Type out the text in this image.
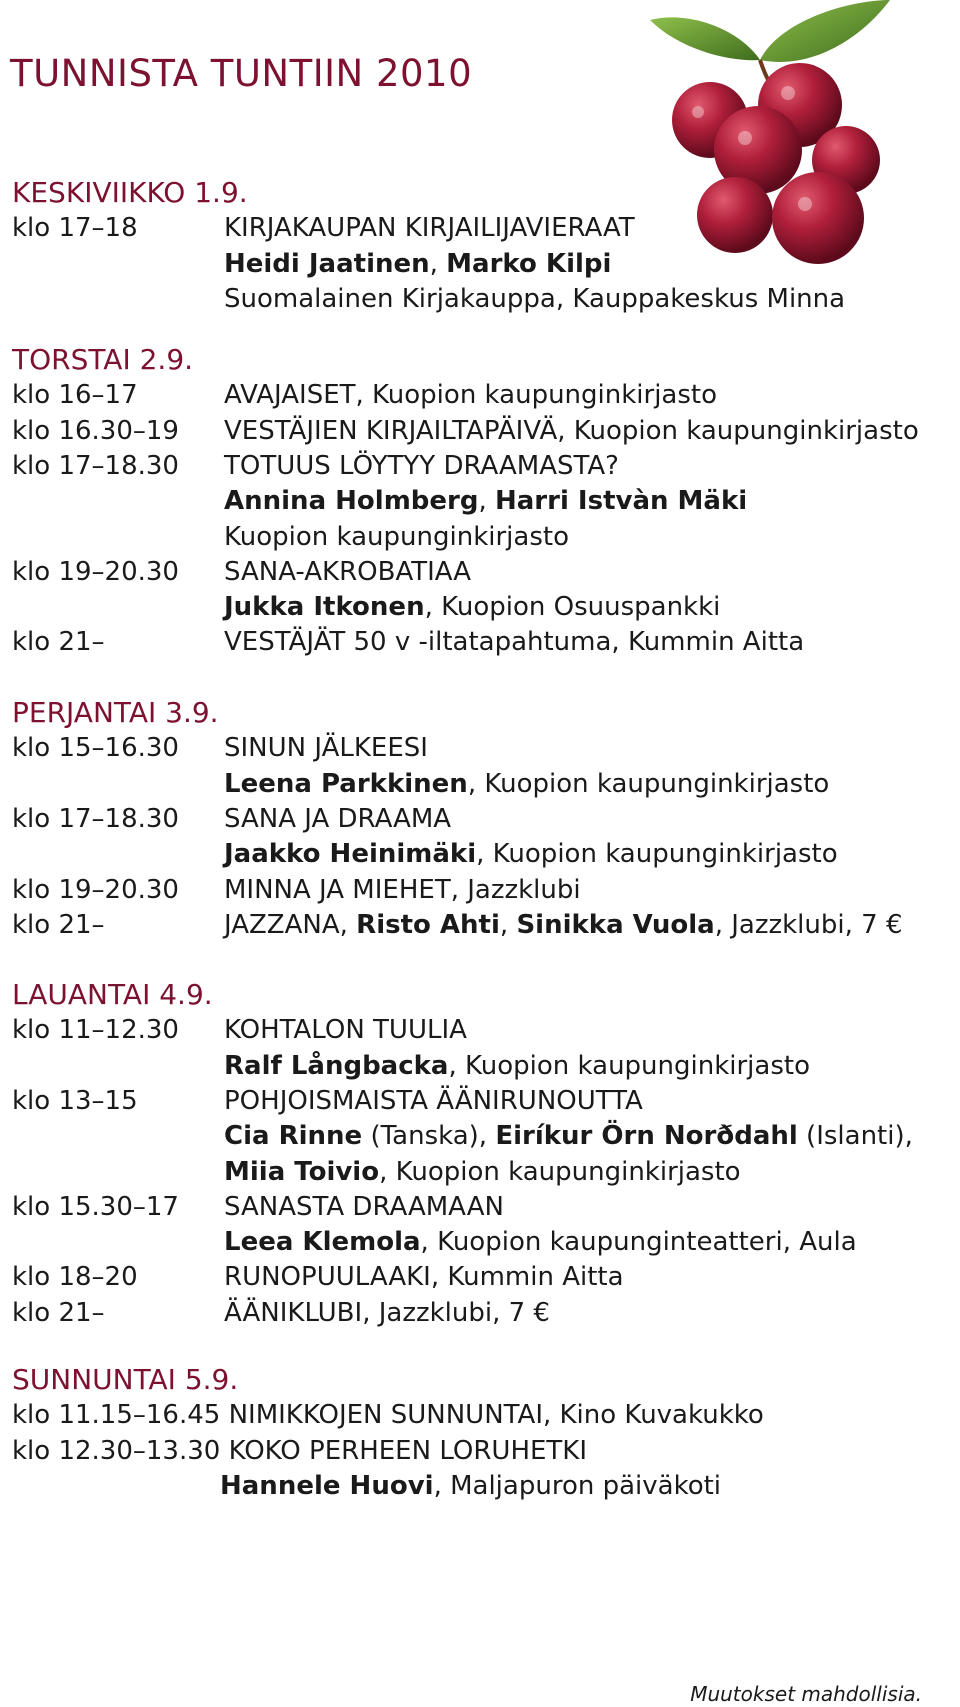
TUNNISTA TUNTIIN 2010
KESKIVIIKKO 1.9.
klo 17–18	KIRJAKAUPAN KIRJAILIJAVIERAAT
Heidi Jaatinen, Marko Kilpi
Suomalainen Kirjakauppa, Kauppakeskus Minna
TORSTAI 2.9.
klo 16–17	AVAJAISET, Kuopion kaupunginkirjasto
klo 16.30–19 VESTÄJIEN KIRJAILTAPÄIVÄ, Kuopion kaupunginkirjasto
klo 17–18.30 TOTUUS LÖYTYY DRAAMASTA?
Annina Holmberg, Harri Istvàn Mäki
Kuopion kaupunginkirjasto
klo 19–20.30 SANA-AKROBATIAA
Jukka Itkonen, Kuopion Osuuspankki
klo 21–	VESTÄJÄT 50 v -iltatapahtuma, Kummin Aitta
PERJANTAI 3.9.
klo 15–16.30 SINUN JÄLKEESI
Leena Parkkinen, Kuopion kaupunginkirjasto
klo 17–18.30 SANA JA DRAAMA
Jaakko Heinimäki, Kuopion kaupunginkirjasto
klo 19–20.30 MINNA JA MIEHET, Jazzklubi
klo 21–	JAZZANA, Risto Ahti, Sinikka Vuola, Jazzklubi, 7 €
LAUANTAI 4.9.
klo 11–12.30 KOHTALON TUULIA
Ralf Långbacka, Kuopion kaupunginkirjasto
klo 13–15	POHJOISMAISTA ÄÄNIRUNOUTTA
Cia Rinne (Tanska), Eiríkur Örn Norðdahl (Islanti),
Miia Toivio, Kuopion kaupunginkirjasto
klo 15.30–17 SANASTA DRAAMAAN
Leea Klemola, Kuopion kaupunginteatteri, Aula
klo 18–20	RUNOPUULAAKI, Kummin Aitta
klo 21–	ÄÄNIKLUBI, Jazzklubi, 7 €
SUNNUNTAI 5.9.
klo 11.15–16.45 NIMIKKOJEN SUNNUNTAI, Kino Kuvakukko
klo 12.30–13.30 KOKO PERHEEN LORUHETKI
Hannele Huovi, Maljapuron päiväkoti
Muutokset mahdollisia.
